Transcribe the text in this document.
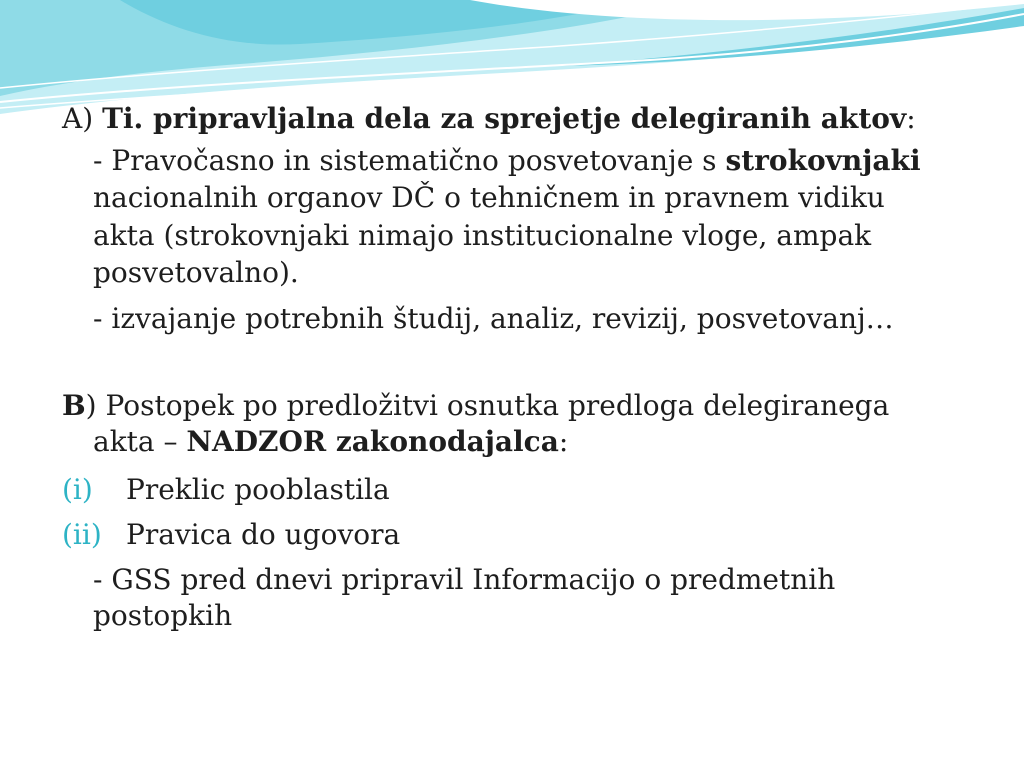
A) Ti. pripravljalna dela za sprejetje delegiranih aktov:
- Pravočasno in sistematično posvetovanje s strokovnjaki
nacionalnih organov DČ o tehničnem in pravnem vidiku
akta (strokovnjaki nimajo institucionalne vloge, ampak
posvetovalno).
- izvajanje potrebnih študij, analiz, revizij, posvetovanj…
B) Postopek po predložitvi osnutka predloga delegiranega
akta – NADZOR zakonodajalca:
(i) Preklic pooblastila
(ii) Pravica do ugovora
- GSS pred dnevi pripravil Informacijo o predmetnih
postopkih
